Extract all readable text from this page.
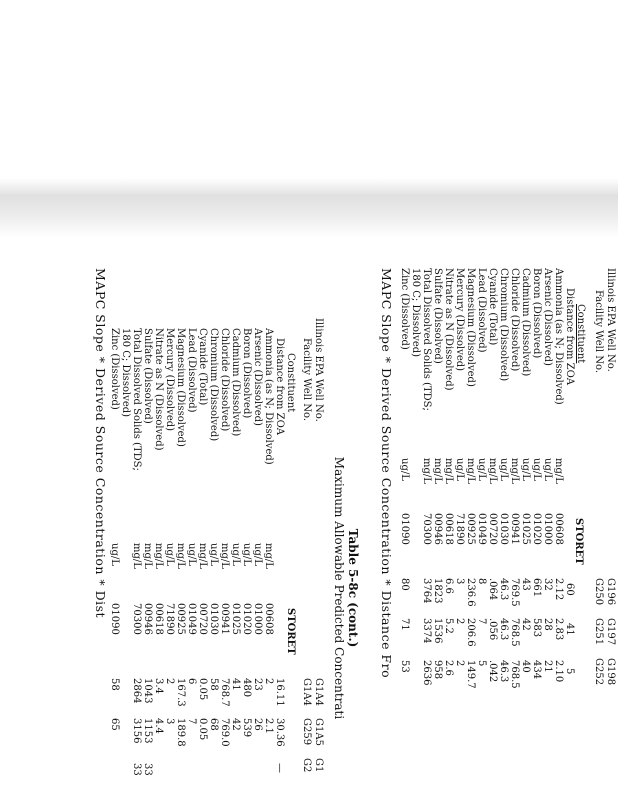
Illinois EPA Well No.
Facility Well No.
G196
G197
G198
G250
G251
G252
Constituent
STORET
Distance from ZOA
60
41
5
Ammonia (as N; Dissolved)
Arsenic (Dissolved)
Boron (Dissolved)
Cadmium (Dissolved)
Chloride (Dissolved)
Chromium (Dissolved)
Cyanide (Total)
Lead (Dissolved)
Magnesium (Dissolved)
Mercury (Dissolved)
Nitrate as N (Dissolved)
Sulfate (Dissolved)
Total Dissolved Solids (TDS;
180 C; Dissolved)
Zinc (Dissolved)
mg/L
ug/L
ug/L
ug/L
mg/L
ug/L
mg/L
ug/L
mg/L
ug/L
mg/L
mg/L
mg/L
ug/L
00608
01000
01020
01025
00941
01030
00720
01049
00925
71890
00618
00946
70300
01090
2.12
32
661
43
769.5
46.3
.064
8
236.6
3
6.6
1823
3764
80
2.83
28
583
42
768.5
46.3
.056
7
206.6
2
5.2
1536
3374
71
2.10
21
434
40
768.5
46.3
.042
5
149.7
2
2.6
958
2636
53
MAPC Slope * Derived Source Concentration * Distance Fro
Table 5-8c (cont.)
Maximum Allowable Predicted Concentrati
Illinois EPA Well No.
Facility Well No.
G1A4
G1A5
G1
G1A4
G259
G2
Constituent
STORET
Distance from ZOA
16.11
30.36
—
Ammonia (as N; Dissolved)
Arsenic (Dissolved)
Boron (Dissolved)
Cadmium (Dissolved)
Chloride (Dissolved)
Chromium (Dissolved)
Cyanide (Total)
Lead (Dissolved)
Magnesium (Dissolved)
Mercury (Dissolved)
Nitrate as N (Dissolved)
Sulfate (Dissolved)
Total Dissolved Solids (TDS;
180 C; Dissolved)
Zinc (Dissolved)
mg/L
ug/L
ug/L
ug/L
mg/L
ug/L
mg/L
ug/L
mg/L
ug/L
mg/L
mg/L
mg/L
ug/L
00608
01000
01020
01025
00941
01030
00720
01049
00925
71890
00618
00946
70300
01090
2
23
480
41
768.7
58
0.05
6
167.3
2
3.4
1043
2864
58
2.1
26
539
42
769.0
68
0.05
7
189.8
3
4.4
1153
3156
65
33
33
MAPC Slope * Derived Source Concentration * Dist
